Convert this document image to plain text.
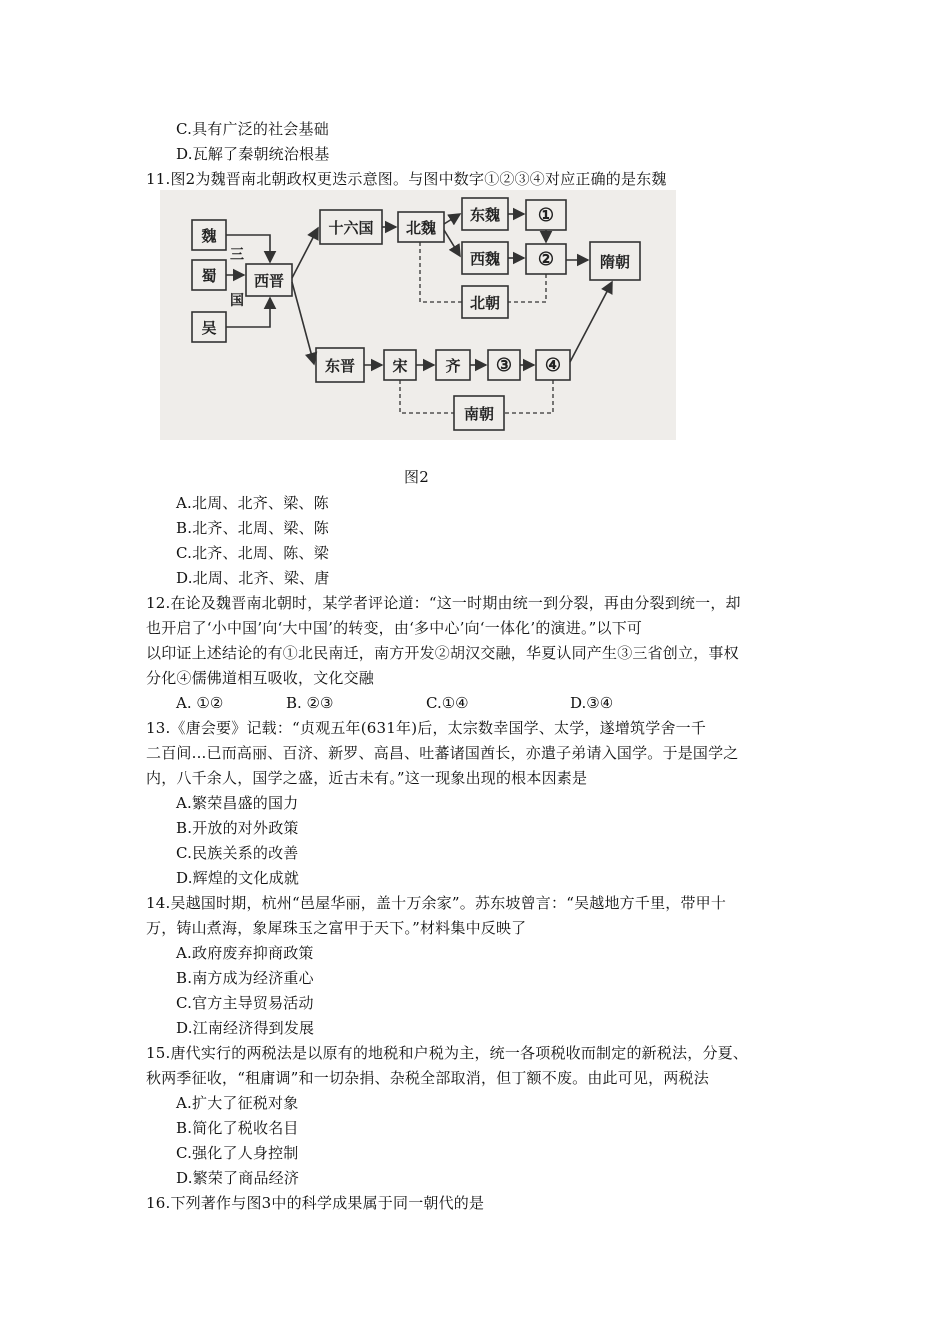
C.具有广泛的社会基础
D.瓦解了秦朝统治根基
11.图2为魏晋南北朝政权更迭示意图。与图中数字①②③④对应正确的是东魏
魏
蜀
吴
三
国
西晋
十六国	北魏
东魏
西魏
①
②
北朝
隋朝
东晋	宋	齐	③	④
南朝
图2
A.北周、北齐、梁、陈
B.北齐、北周、梁、陈
C.北齐、北周、陈、梁
D.北周、北齐、梁、唐
12.在论及魏晋南北朝时，某学者评论道：“这一时期由统一到分裂，再由分裂到统一，却
也开启了‘小中国’向‘大中国’的转变，由‘多中心’向‘一体化’的演进。”以下可
以印证上述结论的有①北民南迁，南方开发②胡汉交融，华夏认同产生③三省创立，事权
分化④儒佛道相互吸收，文化交融
A. ①②	B. ②③	C.①④	D.③④
13.《唐会要》记载：“贞观五年(631年)后，太宗数幸国学、太学，遂增筑学舍一千
二百间...已而高丽、百济、新罗、高昌、吐蕃诸国酋长，亦遣子弟请入国学。于是国学之
内，八千余人，国学之盛，近古未有。”这一现象出现的根本因素是
A.繁荣昌盛的国力
B.开放的对外政策
C.民族关系的改善
D.辉煌的文化成就
14.吴越国时期，杭州“邑屋华丽，盖十万余家”。苏东坡曾言：“吴越地方千里，带甲十
万，铸山煮海，象犀珠玉之富甲于天下。”材料集中反映了
A.政府废弃抑商政策
B.南方成为经济重心
C.官方主导贸易活动
D.江南经济得到发展
15.唐代实行的两税法是以原有的地税和户税为主，统一各项税收而制定的新税法，分夏、
秋两季征收，“租庸调”和一切杂捐、杂税全部取消，但丁额不废。由此可见，两税法
A.扩大了征税对象
B.简化了税收名目
C.强化了人身控制
D.繁荣了商品经济
16.下列著作与图3中的科学成果属于同一朝代的是
